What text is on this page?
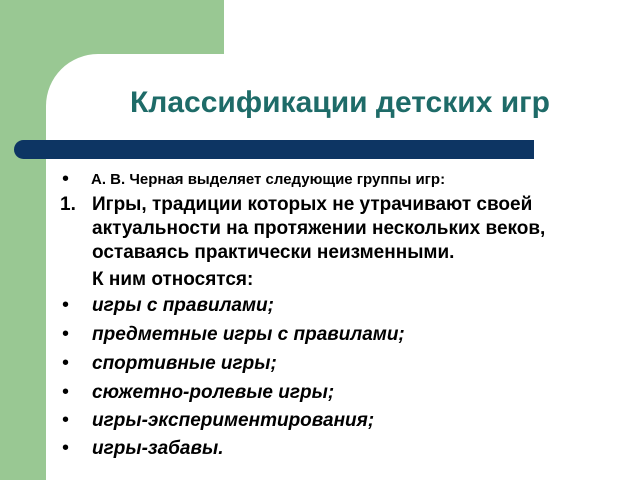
Классификации детских игр
• А. В. Черная выделяет следующие группы игр:
1. Игры, традиции которых не утрачивают своей
актуальности на протяжении нескольких веков,
оставаясь практически неизменными.
К ним относятся:
• игры с правилами;
• предметные игры с правилами;
• спортивные игры;
• сюжетно-ролевые игры;
• игры-экспериментирования;
• игры-забавы.
